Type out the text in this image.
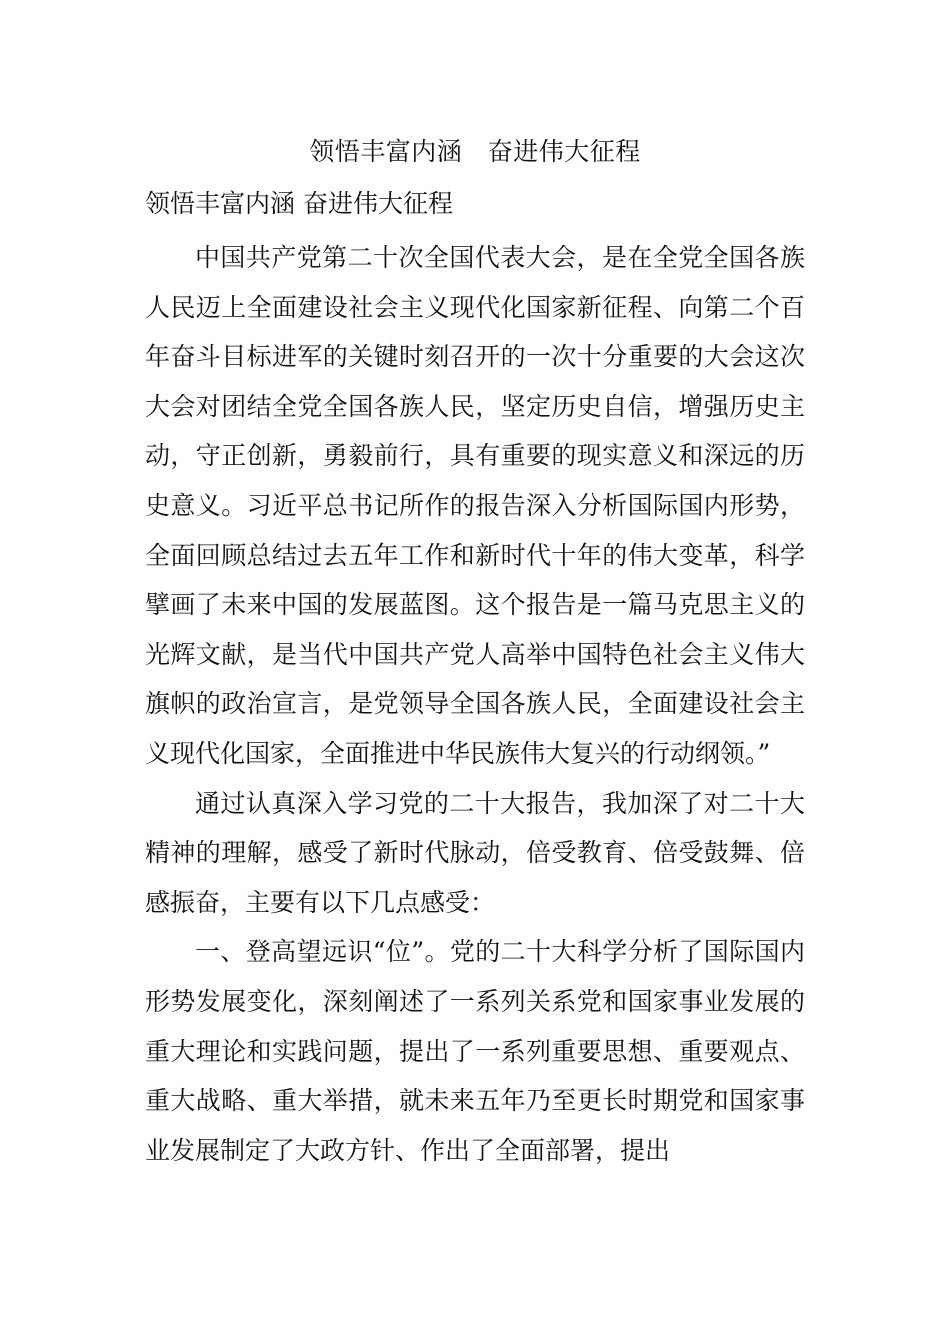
领悟丰富内涵　奋进伟大征程
领悟丰富内涵 奋进伟大征程

中国共产党第二十次全国代表大会，是在全党全国各族人民迈上全面建设社会主义现代化国家新征程、向第二个百年奋斗目标进军的关键时刻召开的一次十分重要的大会这次大会对团结全党全国各族人民，坚定历史自信，增强历史主动，守正创新，勇毅前行，具有重要的现实意义和深远的历史意义。习近平总书记所作的报告深入分析国际国内形势，全面回顾总结过去五年工作和新时代十年的伟大变革，科学擘画了未来中国的发展蓝图。这个报告是一篇马克思主义的光辉文献，是当代中国共产党人高举中国特色社会主义伟大旗帜的政治宣言，是党领导全国各族人民，全面建设社会主义现代化国家，全面推进中华民族伟大复兴的行动纲领。”

通过认真深入学习党的二十大报告，我加深了对二十大精神的理解，感受了新时代脉动，倍受教育、倍受鼓舞、倍感振奋，主要有以下几点感受：

一、登高望远识“位”。党的二十大科学分析了国际国内形势发展变化，深刻阐述了一系列关系党和国家事业发展的重大理论和实践问题，提出了一系列重要思想、重要观点、重大战略、重大举措，就未来五年乃至更长时期党和国家事业发展制定了大政方针、作出了全面部署，提出
